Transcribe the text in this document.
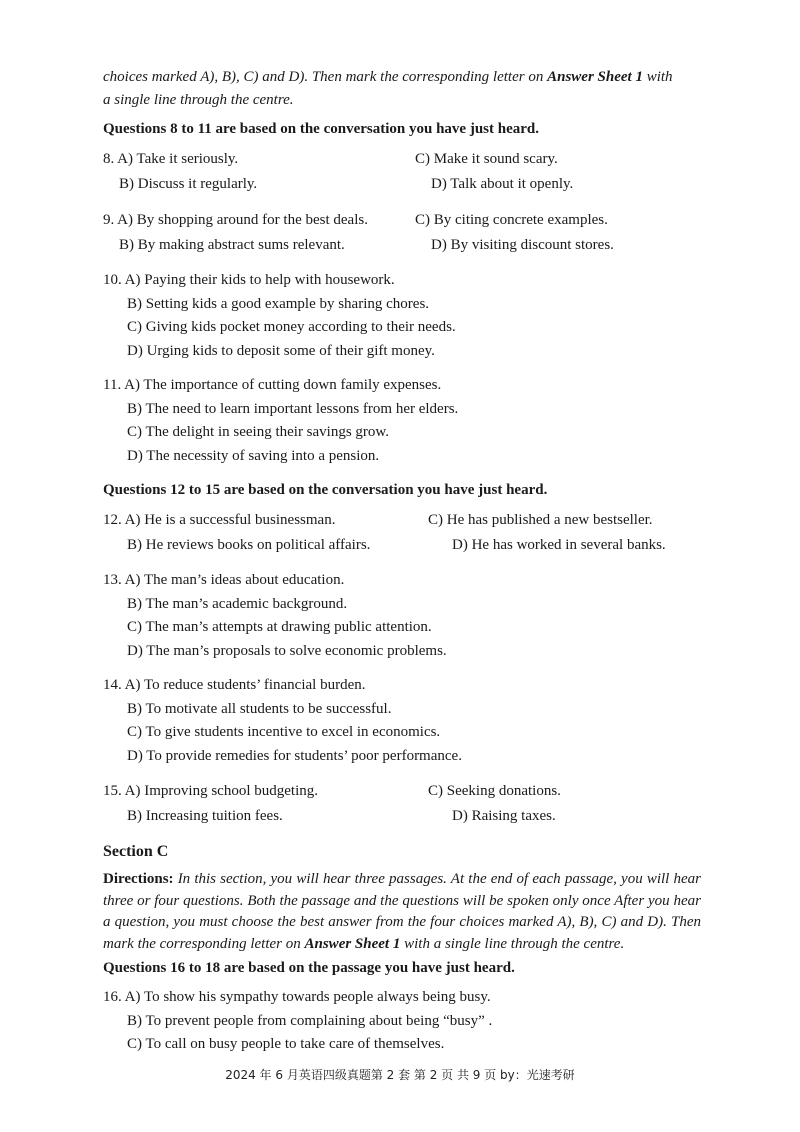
choices marked A), B), C) and D). Then mark the corresponding letter on Answer Sheet 1 with
a single line through the centre.
Questions 8 to 11 are based on the conversation you have just heard.
8. A) Take it seriously.	C) Make it sound scary.
B) Discuss it regularly.	D) Talk about it openly.
9. A) By shopping around for the best deals.	C) By citing concrete examples.
B) By making abstract sums relevant.	D) By visiting discount stores.
10. A) Paying their kids to help with housework.
B) Setting kids a good example by sharing chores.
C) Giving kids pocket money according to their needs.
D) Urging kids to deposit some of their gift money.
11. A) The importance of cutting down family expenses.
B) The need to learn important lessons from her elders.
C) The delight in seeing their savings grow.
D) The necessity of saving into a pension.
Questions 12 to 15 are based on the conversation you have just heard.
12. A) He is a successful businessman.	C) He has published a new bestseller.
B) He reviews books on political affairs.	D) He has worked in several banks.
13. A) The man’s ideas about education.
B) The man’s academic background.
C) The man’s attempts at drawing public attention.
D) The man’s proposals to solve economic problems.
14. A) To reduce students’ financial burden.
B) To motivate all students to be successful.
C) To give students incentive to excel in economics.
D) To provide remedies for students’ poor performance.
15. A) Improving school budgeting.	C) Seeking donations.
B) Increasing tuition fees.	D) Raising taxes.
Section C
Directions: In this section, you will hear three passages. At the end of each passage, you will hear three or four questions. Both the passage and the questions will be spoken only once After you hear a question, you must choose the best answer from the four choices marked A), B), C) and D). Then mark the corresponding letter on Answer Sheet 1 with a single line through the centre.
Questions 16 to 18 are based on the passage you have just heard.
16. A) To show his sympathy towards people always being busy.
B) To prevent people from complaining about being “busy” .
C) To call on busy people to take care of themselves.
2024 年 6 月英语四级真题第 2 套 第 2 页 共 9 页 by：光速考研
